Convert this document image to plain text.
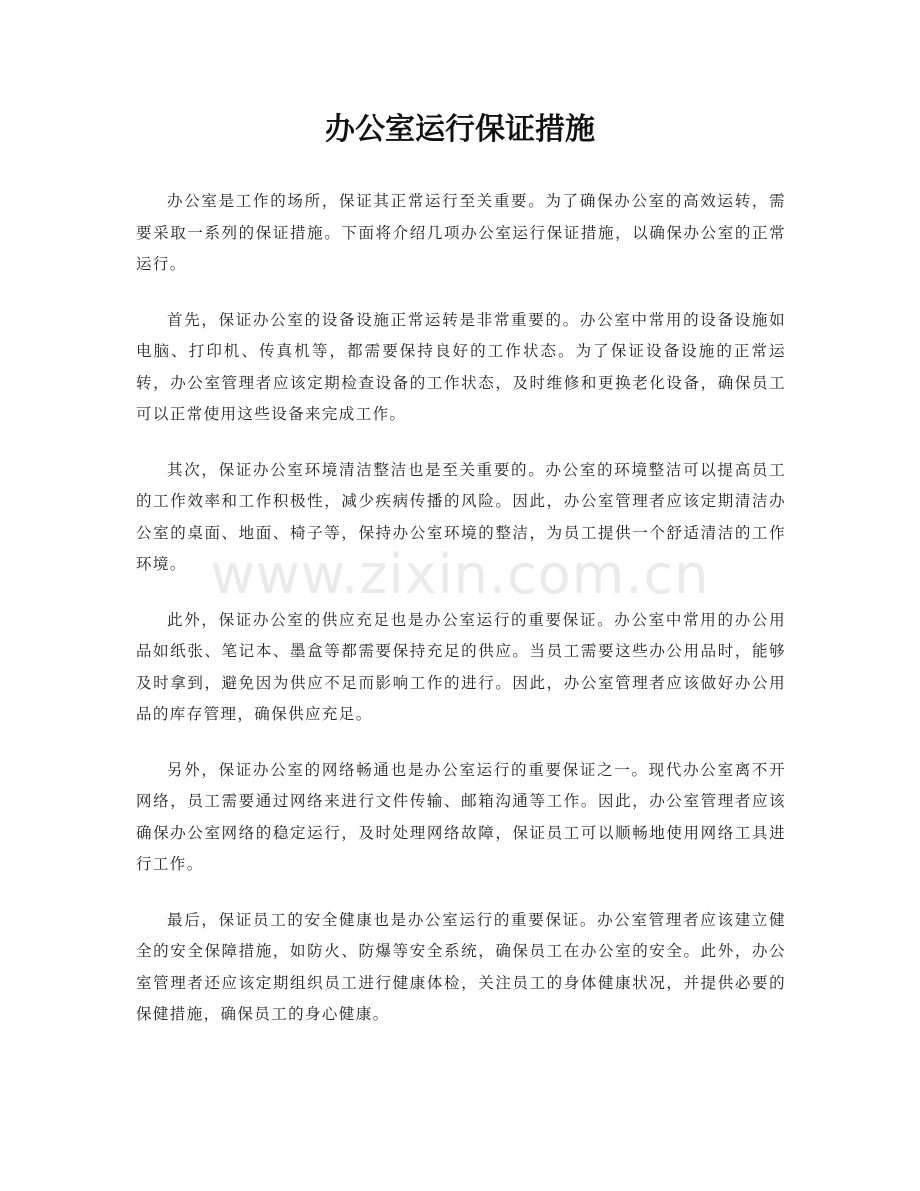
办公室运行保证措施

办公室是工作的场所，保证其正常运行至关重要。为了确保办公室的高效运转，需要采取一系列的保证措施。下面将介绍几项办公室运行保证措施，以确保办公室的正常运行。

首先，保证办公室的设备设施正常运转是非常重要的。办公室中常用的设备设施如电脑、打印机、传真机等，都需要保持良好的工作状态。为了保证设备设施的正常运转，办公室管理者应该定期检查设备的工作状态，及时维修和更换老化设备，确保员工可以正常使用这些设备来完成工作。

其次，保证办公室环境清洁整洁也是至关重要的。办公室的环境整洁可以提高员工的工作效率和工作积极性，减少疾病传播的风险。因此，办公室管理者应该定期清洁办公室的桌面、地面、椅子等，保持办公室环境的整洁，为员工提供一个舒适清洁的工作环境。

此外，保证办公室的供应充足也是办公室运行的重要保证。办公室中常用的办公用品如纸张、笔记本、墨盒等都需要保持充足的供应。当员工需要这些办公用品时，能够及时拿到，避免因为供应不足而影响工作的进行。因此，办公室管理者应该做好办公用品的库存管理，确保供应充足。

另外，保证办公室的网络畅通也是办公室运行的重要保证之一。现代办公室离不开网络，员工需要通过网络来进行文件传输、邮箱沟通等工作。因此，办公室管理者应该确保办公室网络的稳定运行，及时处理网络故障，保证员工可以顺畅地使用网络工具进行工作。

最后，保证员工的安全健康也是办公室运行的重要保证。办公室管理者应该建立健全的安全保障措施，如防火、防爆等安全系统，确保员工在办公室的安全。此外，办公室管理者还应该定期组织员工进行健康体检，关注员工的身体健康状况，并提供必要的保健措施，确保员工的身心健康。

www.zixin.com.cn
